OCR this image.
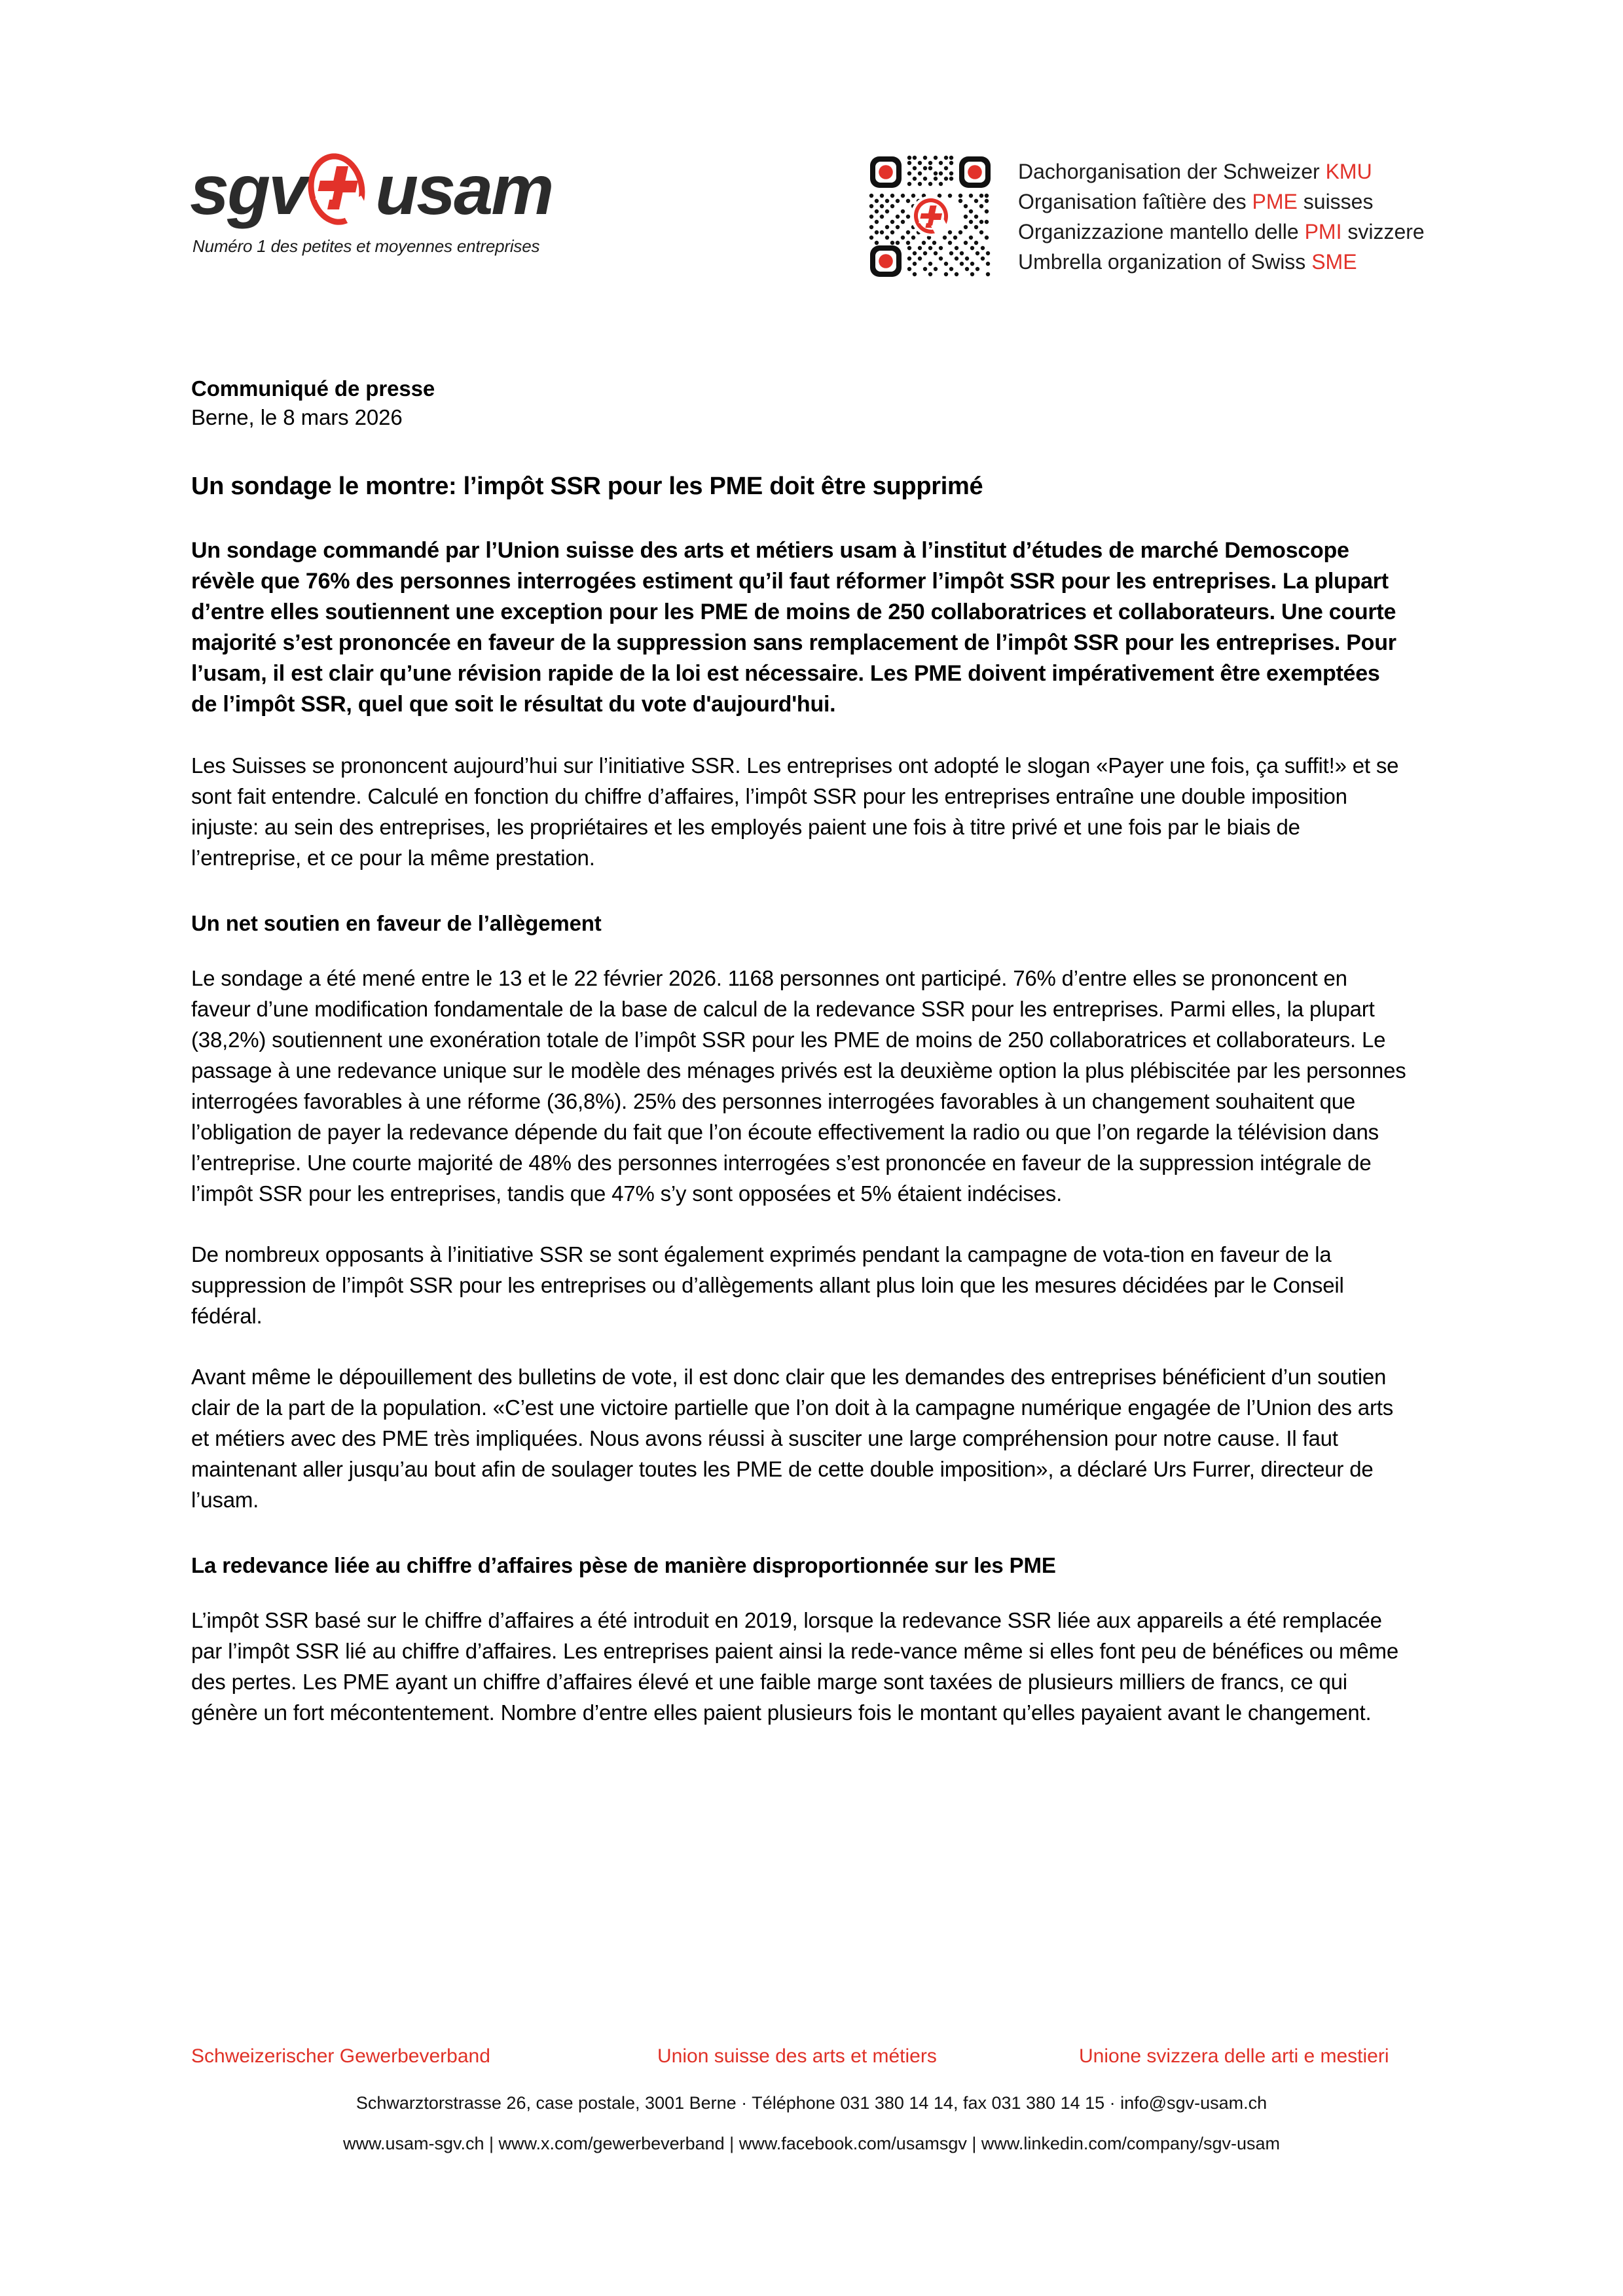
sgv usam
Numéro 1 des petites et moyennes entreprises
Dachorganisation der Schweizer KMU
Organisation faîtière des PME suisses
Organizzazione mantello delle PMI svizzere
Umbrella organization of Swiss SME
Communiqué de presse
Berne, le 8 mars 2026
Un sondage le montre: l’impôt SSR pour les PME doit être supprimé

Un sondage commandé par l’Union suisse des arts et métiers usam à l’institut d’études de marché Demoscope révèle que 76% des personnes interrogées estiment qu’il faut réformer l’impôt SSR pour les entreprises. La plupart d’entre elles soutiennent une exception pour les PME de moins de 250 collaboratrices et collaborateurs. Une courte majorité s’est prononcée en faveur de la suppression sans remplacement de l’impôt SSR pour les entreprises. Pour l’usam, il est clair qu’une révision rapide de la loi est nécessaire. Les PME doivent impérativement être exemptées de l’impôt SSR, quel que soit le résultat du vote d'aujourd'hui.

Les Suisses se prononcent aujourd’hui sur l’initiative SSR. Les entreprises ont adopté le slogan «Payer une fois, ça suffit!» et se sont fait entendre. Calculé en fonction du chiffre d’affaires, l’impôt SSR pour les entreprises entraîne une double imposition injuste: au sein des entreprises, les propriétaires et les employés paient une fois à titre privé et une fois par le biais de l’entreprise, et ce pour la même prestation.

Un net soutien en faveur de l’allègement

Le sondage a été mené entre le 13 et le 22 février 2026. 1168 personnes ont participé. 76% d’entre elles se prononcent en faveur d’une modification fondamentale de la base de calcul de la redevance SSR pour les entreprises. Parmi elles, la plupart (38,2%) soutiennent une exonération totale de l’impôt SSR pour les PME de moins de 250 collaboratrices et collaborateurs. Le passage à une redevance unique sur le modèle des ménages privés est la deuxième option la plus plébiscitée par les personnes interrogées favorables à une réforme (36,8%). 25% des personnes interrogées favorables à un changement souhaitent que l’obligation de payer la redevance dépende du fait que l’on écoute effectivement la radio ou que l’on regarde la télévision dans l’entreprise. Une courte majorité de 48% des personnes interrogées s’est prononcée en faveur de la suppression intégrale de l’impôt SSR pour les entreprises, tandis que 47% s’y sont opposées et 5% étaient indécises.

De nombreux opposants à l’initiative SSR se sont également exprimés pendant la campagne de vota-tion en faveur de la suppression de l’impôt SSR pour les entreprises ou d’allègements allant plus loin que les mesures décidées par le Conseil fédéral.

Avant même le dépouillement des bulletins de vote, il est donc clair que les demandes des entreprises bénéficient d’un soutien clair de la part de la population. «C’est une victoire partielle que l’on doit à la campagne numérique engagée de l’Union des arts et métiers avec des PME très impliquées. Nous avons réussi à susciter une large compréhension pour notre cause. Il faut maintenant aller jusqu’au bout afin de soulager toutes les PME de cette double imposition», a déclaré Urs Furrer, directeur de l’usam.

La redevance liée au chiffre d’affaires pèse de manière disproportionnée sur les PME

L’impôt SSR basé sur le chiffre d’affaires a été introduit en 2019, lorsque la redevance SSR liée aux appareils a été remplacée par l’impôt SSR lié au chiffre d’affaires. Les entreprises paient ainsi la rede-vance même si elles font peu de bénéfices ou même des pertes. Les PME ayant un chiffre d’affaires élevé et une faible marge sont taxées de plusieurs milliers de francs, ce qui génère un fort mécontentement. Nombre d’entre elles paient plusieurs fois le montant qu’elles payaient avant le changement.

Schweizerischer Gewerbeverband	Union suisse des arts et métiers	Unione svizzera delle arti e mestieri
Schwarztorstrasse 26, case postale, 3001 Berne · Téléphone 031 380 14 14, fax 031 380 14 15 · info@sgv-usam.ch
www.usam-sgv.ch | www.x.com/gewerbeverband | www.facebook.com/usamsgv | www.linkedin.com/company/sgv-usam
